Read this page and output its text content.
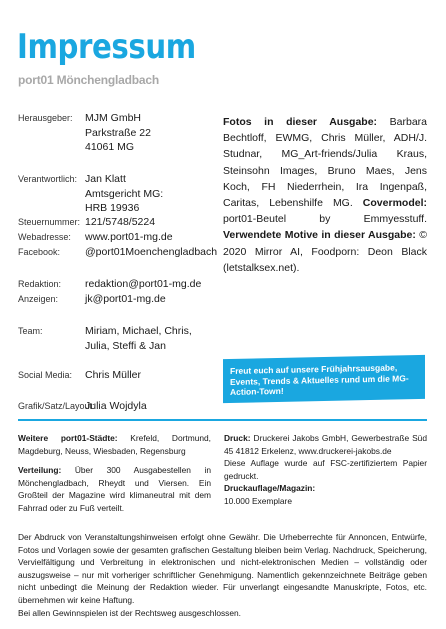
Impressum
port01 Mönchengladbach
Herausgeber: MJM GmbH
Parkstraße 22
41061 MG
Verantwortlich: Jan Klatt
Amtsgericht MG:
HRB 19936
Steuernummer: 121/5748/5224
Webadresse: www.port01-mg.de
Facebook: @port01Moenchengladbach
Redaktion: redaktion@port01-mg.de
Anzeigen:	jk@port01-mg.de
Team:	Miriam, Michael, Chris,
Julia, Steffi & Jan
Social Media: Chris Müller
Grafik/Satz/Layout:
Julia Wojdyla

Fotos in dieser Ausgabe: Barbara Bechtloff, EWMG, Chris Müller, ADH/J. Studnar, MG_Art-friends/Julia Kraus, Steinsohn Images, Bruno Maes, Jens Koch, FH Niederrhein, Ira Ingenpaß, Caritas, Lebenshilfe MG. Covermodel: port01-Beutel by Emmyesstuff. Verwendete Motive in dieser Ausgabe: © 2020 Mirror AI, Foodporn: Deon Black (letstalksex.net).

Freut euch auf unsere Frühjahrsausgabe, Events, Trends & Aktuelles rund um die MG-Action-Town!

Weitere port01-Städte: Krefeld, Dortmund, Magdeburg, Neuss, Wiesbaden, Regensburg

Verteilung: Über 300 Ausgabestellen in Mönchengladbach, Rheydt und Viersen. Ein Großteil der Magazine wird klimaneutral mit dem Fahrrad oder zu Fuß verteilt.

Druck: Druckerei Jakobs GmbH, Gewerbestraße Süd 45 41812 Erkelenz, www.druckerei-jakobs.de
Diese Auflage wurde auf FSC-zertifiziertem Papier gedruckt.
Druckauflage/Magazin:
10.000 Exemplare
Der Abdruck von Veranstaltungshinweisen erfolgt ohne Gewähr. Die Urheberrechte für Annoncen, Entwürfe, Fotos und Vorlagen sowie der gesamten grafischen Gestaltung bleiben beim Verlag. Nachdruck, Speicherung, Vervielfältigung und Verbreitung in elektronischen und nicht-elektronischen Medien – vollständig oder auszugsweise – nur mit vorheriger schriftlicher Genehmigung. Namentlich gekennzeichnete Beiträge geben nicht unbedingt die Meinung der Redaktion wieder. Für unverlangt eingesandte Manuskripte, Fotos, etc. übernehmen wir keine Haftung.
Bei allen Gewinnspielen ist der Rechtsweg ausgeschlossen.
